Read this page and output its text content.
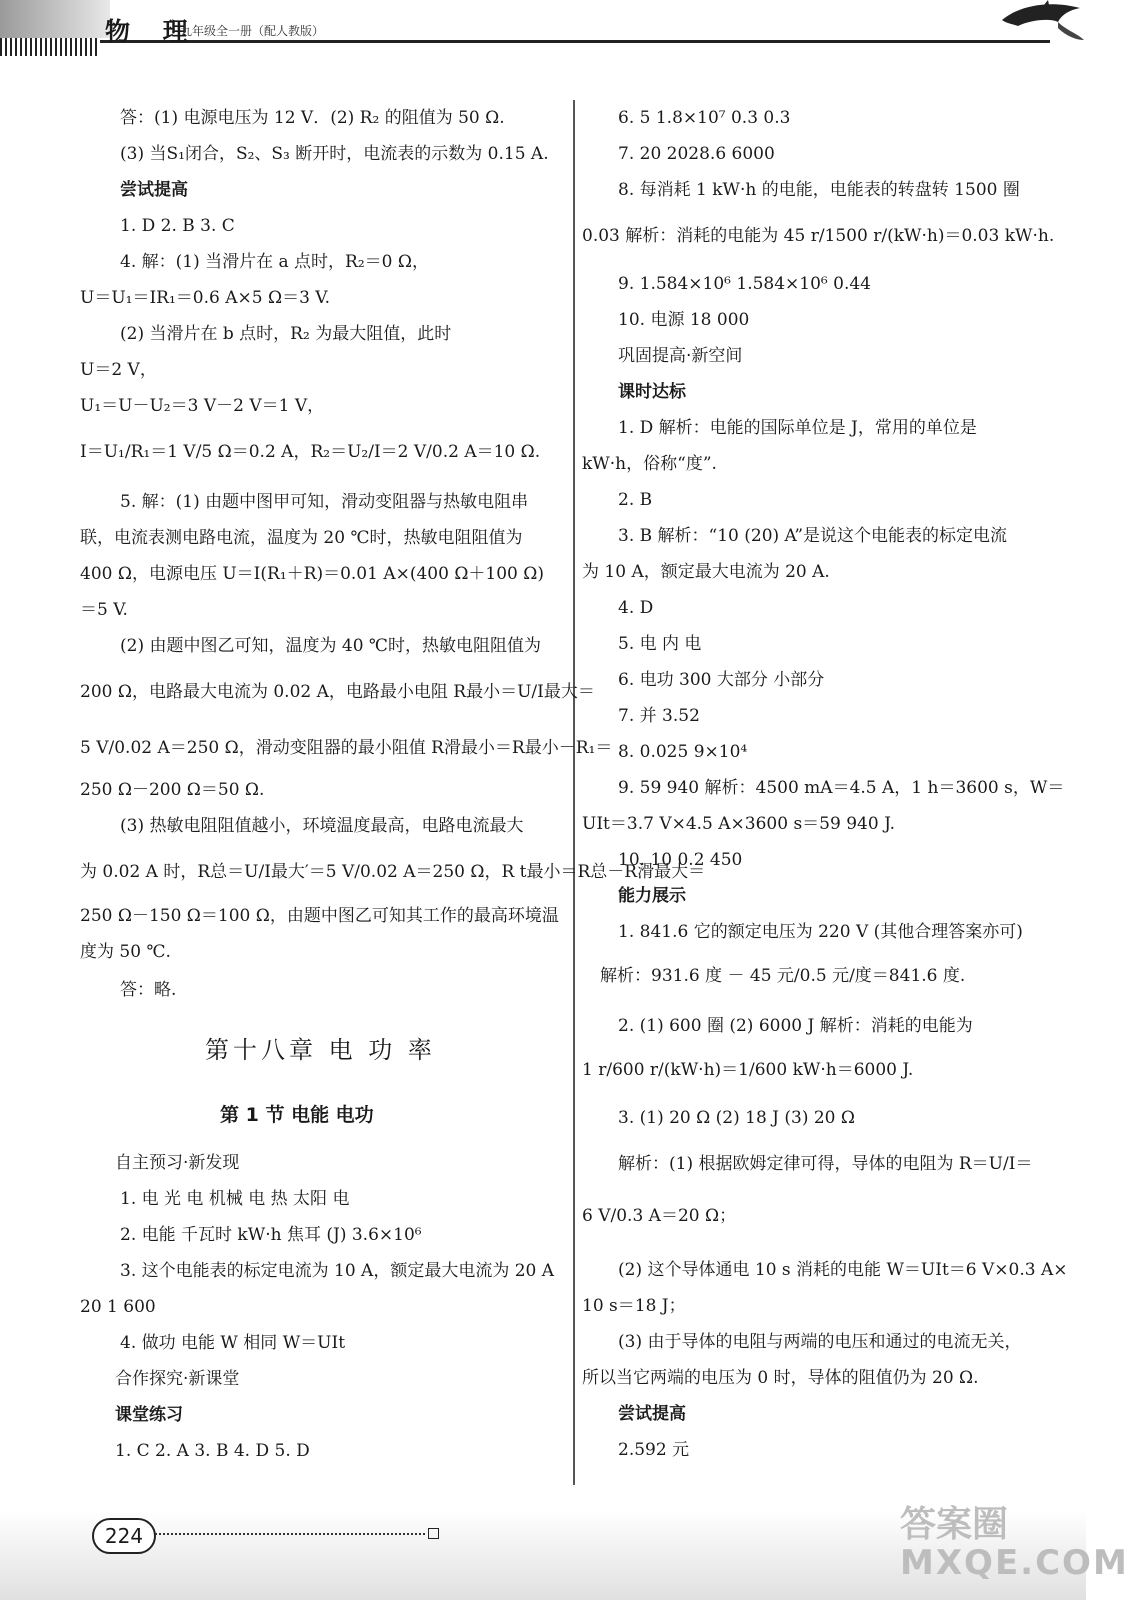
物 理
九年级全一册（配人教版）
答：(1) 电源电压为 12 V．(2) R₂ 的阻值为 50 Ω.
(3) 当S₁闭合，S₂、S₃ 断开时，电流表的示数为 0.15 A.
尝试提高
1. D 2. B 3. C
4. 解：(1) 当滑片在 a 点时，R₂＝0 Ω，
U＝U₁＝IR₁＝0.6 A×5 Ω＝3 V.
(2) 当滑片在 b 点时，R₂ 为最大阻值，此时
U＝2 V，
U₁＝U－U₂＝3 V－2 V＝1 V，
I＝U₁/R₁＝1 V/5 Ω＝0.2 A，R₂＝U₂/I＝2 V/0.2 A＝10 Ω.
5. 解：(1) 由题中图甲可知，滑动变阻器与热敏电阻串
联，电流表测电路电流，温度为 20 ℃时，热敏电阻阻值为
400 Ω，电源电压 U＝I(R₁＋R)＝0.01 A×(400 Ω＋100 Ω)
＝5 V.
(2) 由题中图乙可知，温度为 40 ℃时，热敏电阻阻值为
200 Ω，电路最大电流为 0.02 A，电路最小电阻 R最小＝U/I最大＝
5 V/0.02 A＝250 Ω，滑动变阻器的最小阻值 R滑最小＝R最小－R₁＝
250 Ω－200 Ω＝50 Ω.
(3) 热敏电阻阻值越小，环境温度最高，电路电流最大
为 0.02 A 时，R总＝U/I最大′＝5 V/0.02 A＝250 Ω，R t最小＝R总－R滑最大＝
250 Ω－150 Ω＝100 Ω，由题中图乙可知其工作的最高环境温
度为 50 ℃.
答：略.
第十八章 电 功 率
第 1 节 电能 电功
自主预习·新发现
1. 电 光 电 机械 电 热 太阳 电
2. 电能 千瓦时 kW·h 焦耳 (J) 3.6×10⁶
3. 这个电能表的标定电流为 10 A，额定最大电流为 20 A
20 1 600
4. 做功 电能 W 相同 W＝UIt
合作探究·新课堂
课堂练习
1. C 2. A 3. B 4. D 5. D
6. 5 1.8×10⁷ 0.3 0.3
7. 20 2028.6 6000
8. 每消耗 1 kW·h 的电能，电能表的转盘转 1500 圈
0.03 解析：消耗的电能为 45 r/1500 r/(kW·h)＝0.03 kW·h.
9. 1.584×10⁶ 1.584×10⁶ 0.44
10. 电源 18 000
巩固提高·新空间
课时达标
1. D 解析：电能的国际单位是 J，常用的单位是
kW·h，俗称“度”.
2. B
3. B 解析：“10 (20) A”是说这个电能表的标定电流
为 10 A，额定最大电流为 20 A.
4. D
5. 电 内 电
6. 电功 300 大部分 小部分
7. 并 3.52
8. 0.025 9×10⁴
9. 59 940 解析：4500 mA＝4.5 A，1 h＝3600 s，W＝
UIt＝3.7 V×4.5 A×3600 s＝59 940 J.
10. 10 0.2 450
能力展示
1. 841.6 它的额定电压为 220 V (其他合理答案亦可)
解析：931.6 度 － 45 元/0.5 元/度＝841.6 度.
2. (1) 600 圈 (2) 6000 J 解析：消耗的电能为
1 r/600 r/(kW·h)＝1/600 kW·h＝6000 J.
3. (1) 20 Ω (2) 18 J (3) 20 Ω
解析：(1) 根据欧姆定律可得，导体的电阻为 R＝U/I＝
6 V/0.3 A＝20 Ω；
(2) 这个导体通电 10 s 消耗的电能 W＝UIt＝6 V×0.3 A×
10 s＝18 J；
(3) 由于导体的电阻与两端的电压和通过的电流无关，
所以当它两端的电压为 0 时，导体的阻值仍为 20 Ω.
尝试提高
2.592 元
224	答案圈
MXQE.COM
